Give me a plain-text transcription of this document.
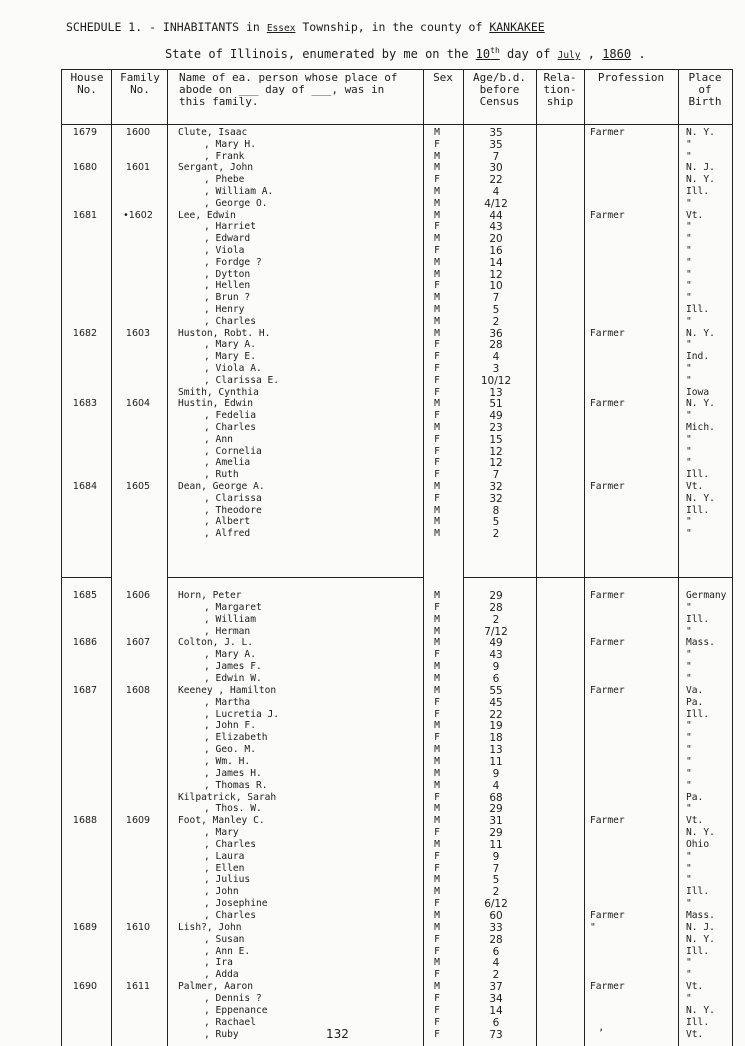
SCHEDULE 1. - INHABITANTS in Essex Township, in the county of KANKAKEE
State of Illinois, enumerated by me on the 10th day of July , 1860 .
House
No.
Family
No.
Name of ea. person whose place of
abode on ___ day of ___, was in
this family.
Sex	Age/b.d.
before
Census
Rela-
tion-
ship
Profession	Place
of
Birth
1679	1600	Clute, Isaac	M	35	Farmer	N. Y.
, Mary H.	F	35	"
, Frank	M	7	"
1680	1601	Sergant, John	M	30	N. J.
, Phebe	F	22	N. Y.
, William A.	M	4	Ill.
, George O.	M	4/12	"
1681	•1602	Lee, Edwin	M	44	Farmer	Vt.
, Harriet	F	43	"
, Edward	M	20	"
, Viola	F	16	"
, Fordge ?	M	14	"
, Dytton	M	12	"
, Hellen	F	10	"
, Brun ?	M	7	"
, Henry	M	5	Ill.
, Charles	M	2	"
1682	1603	Huston, Robt. H.	M	36	Farmer	N. Y.
, Mary A.	F	28	"
, Mary E.	F	4	Ind.
, Viola A.	F	3	"
, Clarissa E.	F	10/12	"
Smith, Cynthia	F	13	Iowa
1683	1604	Hustin, Edwin	M	51	Farmer	N. Y.
, Fedelia	F	49	"
, Charles	M	23	Mich.
, Ann	F	15	"
, Cornelia	F	12	"
, Amelia	F	12	"
, Ruth	F	7	Ill.
1684	1605	Dean, George A.	M	32	Farmer	Vt.
, Clarissa	F	32	N. Y.
, Theodore	M	8	Ill.
, Albert	M	5	"
, Alfred	M	2	"
1685	1606	Horn, Peter	M	29	Farmer	Germany
, Margaret	F	28	"
, William	M	2	Ill.
, Herman	M	7/12	"
1686	1607	Colton, J. L.	M	49	Farmer	Mass.
, Mary A.	F	43	"
, James F.	M	9	"
, Edwin W.	M	6	"
1687	1608	Keeney , Hamilton	M	55	Farmer	Va.
, Martha	F	45	Pa.
, Lucretia J.	F	22	Ill.
, John F.	M	19	"
, Elizabeth	F	18	"
, Geo. M.	M	13	"
, Wm. H.	M	11	"
, James H.	M	9	"
, Thomas R.	M	4	"
Kilpatrick, Sarah	F	68	Pa.
, Thos. W.	M	29	"
1688	1609	Foot, Manley C.	M	31	Farmer	Vt.
, Mary	F	29	N. Y.
, Charles	M	11	Ohio
, Laura	F	9	"
, Ellen	F	7	"
, Julius	M	5	"
, John	M	2	Ill.
, Josephine	F	6/12	"
, Charles	M	60	Farmer	Mass.
1689	1610	Lish?, John	M	33	"	N. J.
, Susan	F	28	N. Y.
, Ann E.	F	6	Ill.
, Ira	M	4	"
, Adda	F	2	"
1690	1611	Palmer, Aaron	M	37	Farmer	Vt.
, Dennis ?	F	34	"
, Eppenance	F	14	N. Y.
, Rachael	F	6	Ill.
, Ruby	F	73	Vt.
132	ʼ
